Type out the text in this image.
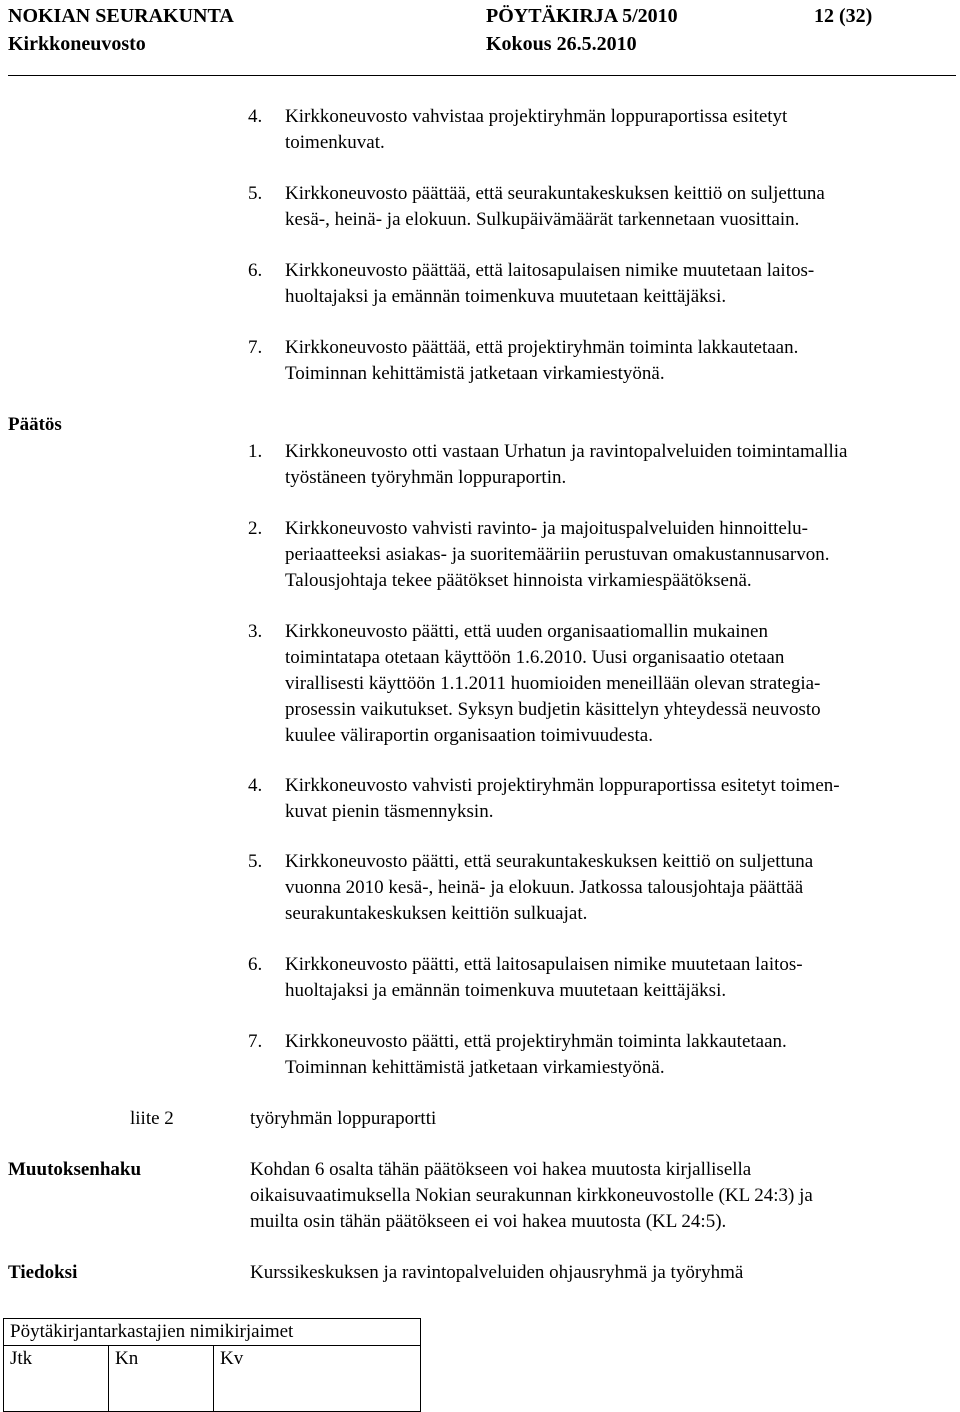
NOKIAN SEURAKUNTA	PÖYTÄKIRJA 5/2010	12 (32)
Kirkkoneuvosto	Kokous 26.5.2010
4. Kirkkoneuvosto vahvistaa projektiryhmän loppuraportissa esitetyt
toimenkuvat.
5. Kirkkoneuvosto päättää, että seurakuntakeskuksen keittiö on suljettuna
kesä-, heinä- ja elokuun. Sulkupäivämäärät tarkennetaan vuosittain.
6. Kirkkoneuvosto päättää, että laitosapulaisen nimike muutetaan laitos-
huoltajaksi ja emännän toimenkuva muutetaan keittäjäksi.
7. Kirkkoneuvosto päättää, että projektiryhmän toiminta lakkautetaan.
Toiminnan kehittämistä jatketaan virkamiestyönä.
Päätös
1. Kirkkoneuvosto otti vastaan Urhatun ja ravintopalveluiden toimintamallia
työstäneen työryhmän loppuraportin.
2. Kirkkoneuvosto vahvisti ravinto- ja majoituspalveluiden hinnoittelu-
periaatteeksi asiakas- ja suoritemääriin perustuvan omakustannusarvon.
Talousjohtaja tekee päätökset hinnoista virkamiespäätöksenä.
3. Kirkkoneuvosto päätti, että uuden organisaatiomallin mukainen
toimintatapa otetaan käyttöön 1.6.2010. Uusi organisaatio otetaan
virallisesti käyttöön 1.1.2011 huomioiden meneillään olevan strategia-
prosessin vaikutukset. Syksyn budjetin käsittelyn yhteydessä neuvosto
kuulee väliraportin organisaation toimivuudesta.
4. Kirkkoneuvosto vahvisti projektiryhmän loppuraportissa esitetyt toimen-
kuvat pienin täsmennyksin.
5. Kirkkoneuvosto päätti, että seurakuntakeskuksen keittiö on suljettuna
vuonna 2010 kesä-, heinä- ja elokuun. Jatkossa talousjohtaja päättää
seurakuntakeskuksen keittiön sulkuajat.
6. Kirkkoneuvosto päätti, että laitosapulaisen nimike muutetaan laitos-
huoltajaksi ja emännän toimenkuva muutetaan keittäjäksi.
7. Kirkkoneuvosto päätti, että projektiryhmän toiminta lakkautetaan.
Toiminnan kehittämistä jatketaan virkamiestyönä.
liite 2	työryhmän loppuraportti
Muutoksenhaku	Kohdan 6 osalta tähän päätökseen voi hakea muutosta kirjallisella
oikaisuvaatimuksella Nokian seurakunnan kirkkoneuvostolle (KL 24:3) ja
muilta osin tähän päätökseen ei voi hakea muutosta (KL 24:5).
Tiedoksi	Kurssikeskuksen ja ravintopalveluiden ohjausryhmä ja työryhmä
Pöytäkirjantarkastajien nimikirjaimet
Jtk	Kn	Kv
